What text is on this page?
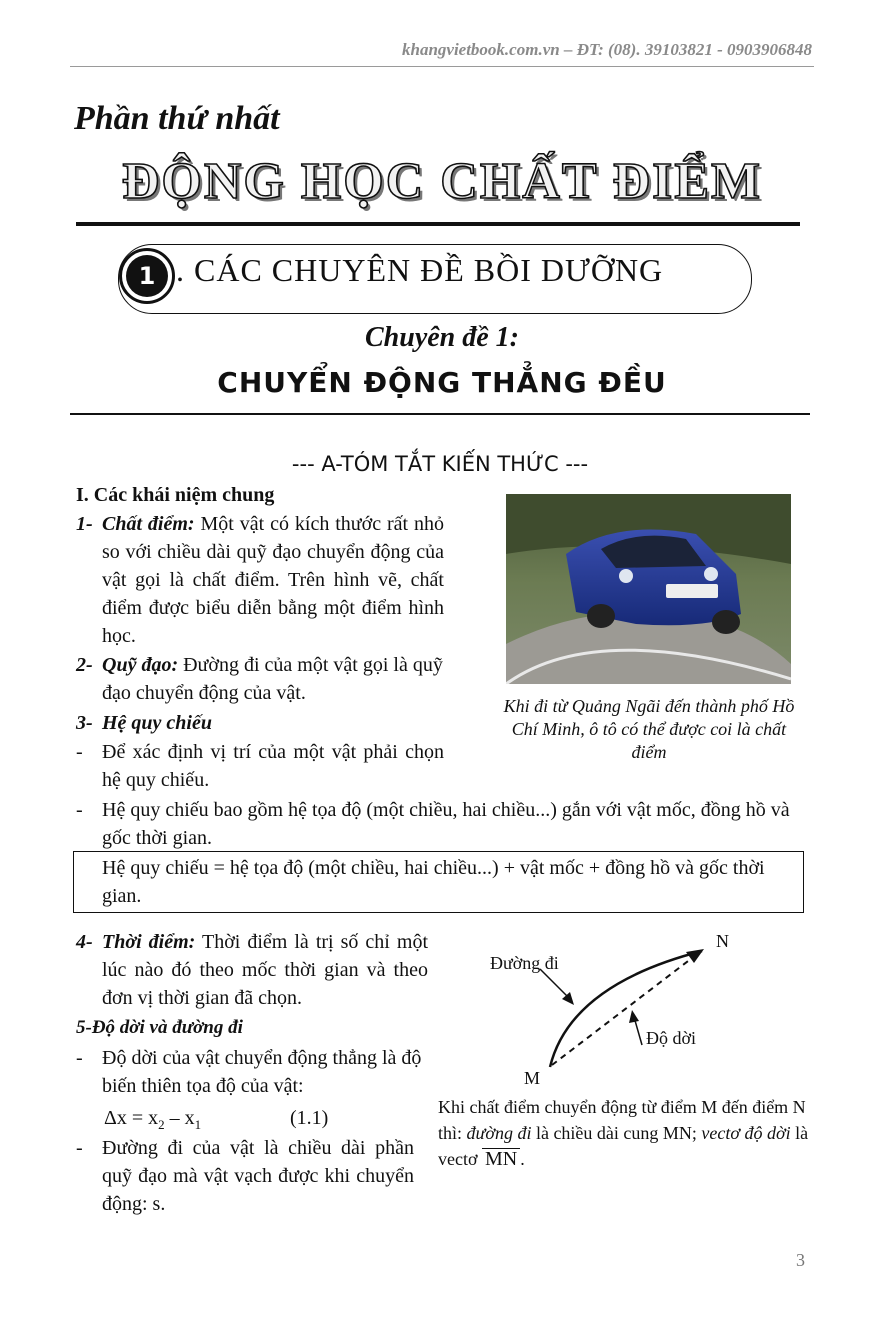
khangvietbook.com.vn – ĐT: (08). 39103821 - 0903906848
Phần thứ nhất
ĐỘNG HỌC CHẤT ĐIỂM
1 . CÁC CHUYÊN ĐỀ BỒI DƯỠNG
Chuyên đề 1:
CHUYỂN ĐỘNG THẲNG ĐỀU
--- A-TÓM TẮT KIẾN THỨC ---
I. Các khái niệm chung
1- Chất điểm: Một vật có kích thước rất nhỏ so với chiều dài quỹ đạo chuyển động của vật gọi là chất điểm. Trên hình vẽ, chất điểm được biểu diễn bằng một điểm hình học.
2- Quỹ đạo: Đường đi của một vật gọi là quỹ đạo chuyển động của vật.
3- Hệ quy chiếu
- Để xác định vị trí của một vật phải chọn hệ quy chiếu.
- Hệ quy chiếu bao gồm hệ tọa độ (một chiều, hai chiều...) gắn với vật mốc, đồng hồ và gốc thời gian.
Hệ quy chiếu = hệ tọa độ (một chiều, hai chiều...) + vật mốc + đồng hồ và gốc thời gian.
Khi đi từ Quảng Ngãi đến thành phố Hồ Chí Minh, ô tô có thể được coi là chất điểm
4- Thời điểm: Thời điểm là trị số chỉ một lúc nào đó theo mốc thời gian và theo đơn vị thời gian đã chọn.
5-Độ dời và đường đi
- Độ dời của vật chuyển động thẳng là độ biến thiên tọa độ của vật:
$\Delta x = x_2 - x_1$	(1.1)
- Đường đi của vật là chiều dài phần quỹ đạo mà vật vạch được khi chuyển động: s.
Đường đi
Độ dời
N
M
Khi chất điểm chuyển động từ điểm M đến điểm N thì: đường đi là chiều dài cung MN; vectơ độ dời là vectơ MN .
3
